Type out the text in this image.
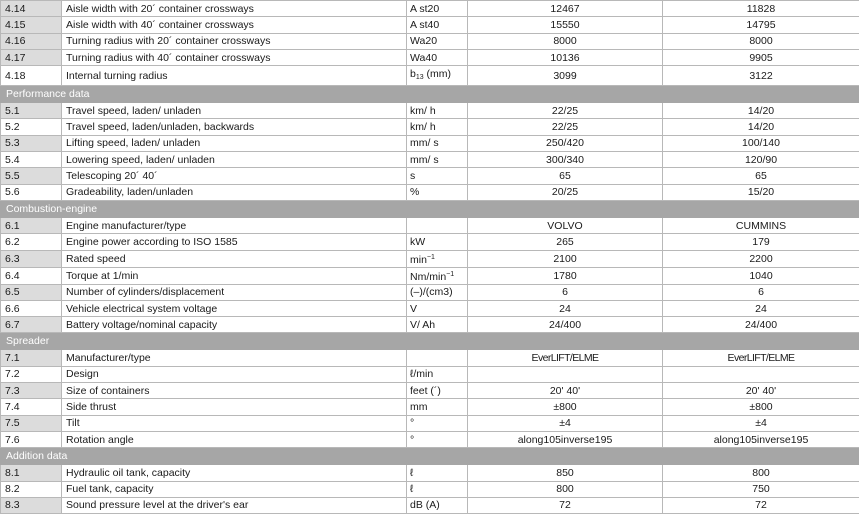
4.14	Aisle width with 20´ container crossways	A st20	12467	11828
4.15	Aisle width with 40´ container crossways	A st40	15550	14795
4.16	Turning radius with 20´ container crossways	Wa20	8000	8000
4.17	Turning radius with 40´ container crossways	Wa40	10136	9905
4.18	Internal turning radius	$b_{13}$ (mm)	3099	3122
Performance data				
5.1	Travel speed, laden/ unladen	km/ h	22/25	14/20
5.2	Travel speed, laden/unladen, backwards	km/ h	22/25	14/20
5.3	Lifting speed, laden/ unladen	mm/ s	250/420	100/140
5.4	Lowering speed, laden/ unladen	mm/ s	300/340	120/90
5.5	Telescoping 20´ 40´	s	65	65
5.6	Gradeability, laden/unladen	%	20/25	15/20
Combustion-engine				
6.1	Engine manufacturer/type		VOLVO	CUMMINS
6.2	Engine power according to ISO 1585	kW	265	179
6.3	Rated speed	$\min^{-1}$	2100	2200
6.4	Torque at 1/min	$Nm/\min^{-1}$	1780	1040
6.5	Number of cylinders/displacement	(–)/(cm3)	6	6
6.6	Vehicle electrical system voltage	V	24	24
6.7	Battery voltage/nominal capacity	V/ Ah	24/400	24/400
Spreader				
7.1	Manufacturer/type		EverLIFT/ELME	EverLIFT/ELME
7.2	Design	ℓ/min		
7.3	Size of containers	feet (´)	20' 40'	20' 40'
7.4	Side thrust	mm	±800	±800
7.5	Tilt	°	±4	±4
7.6	Rotation angle	°	along105inverse195	along105inverse195
Addition data				
8.1	Hydraulic oil tank, capacity	ℓ	850	800
8.2	Fuel tank, capacity	ℓ	800	750
8.3	Sound pressure level at the driver's ear	dB (A)	72	72
